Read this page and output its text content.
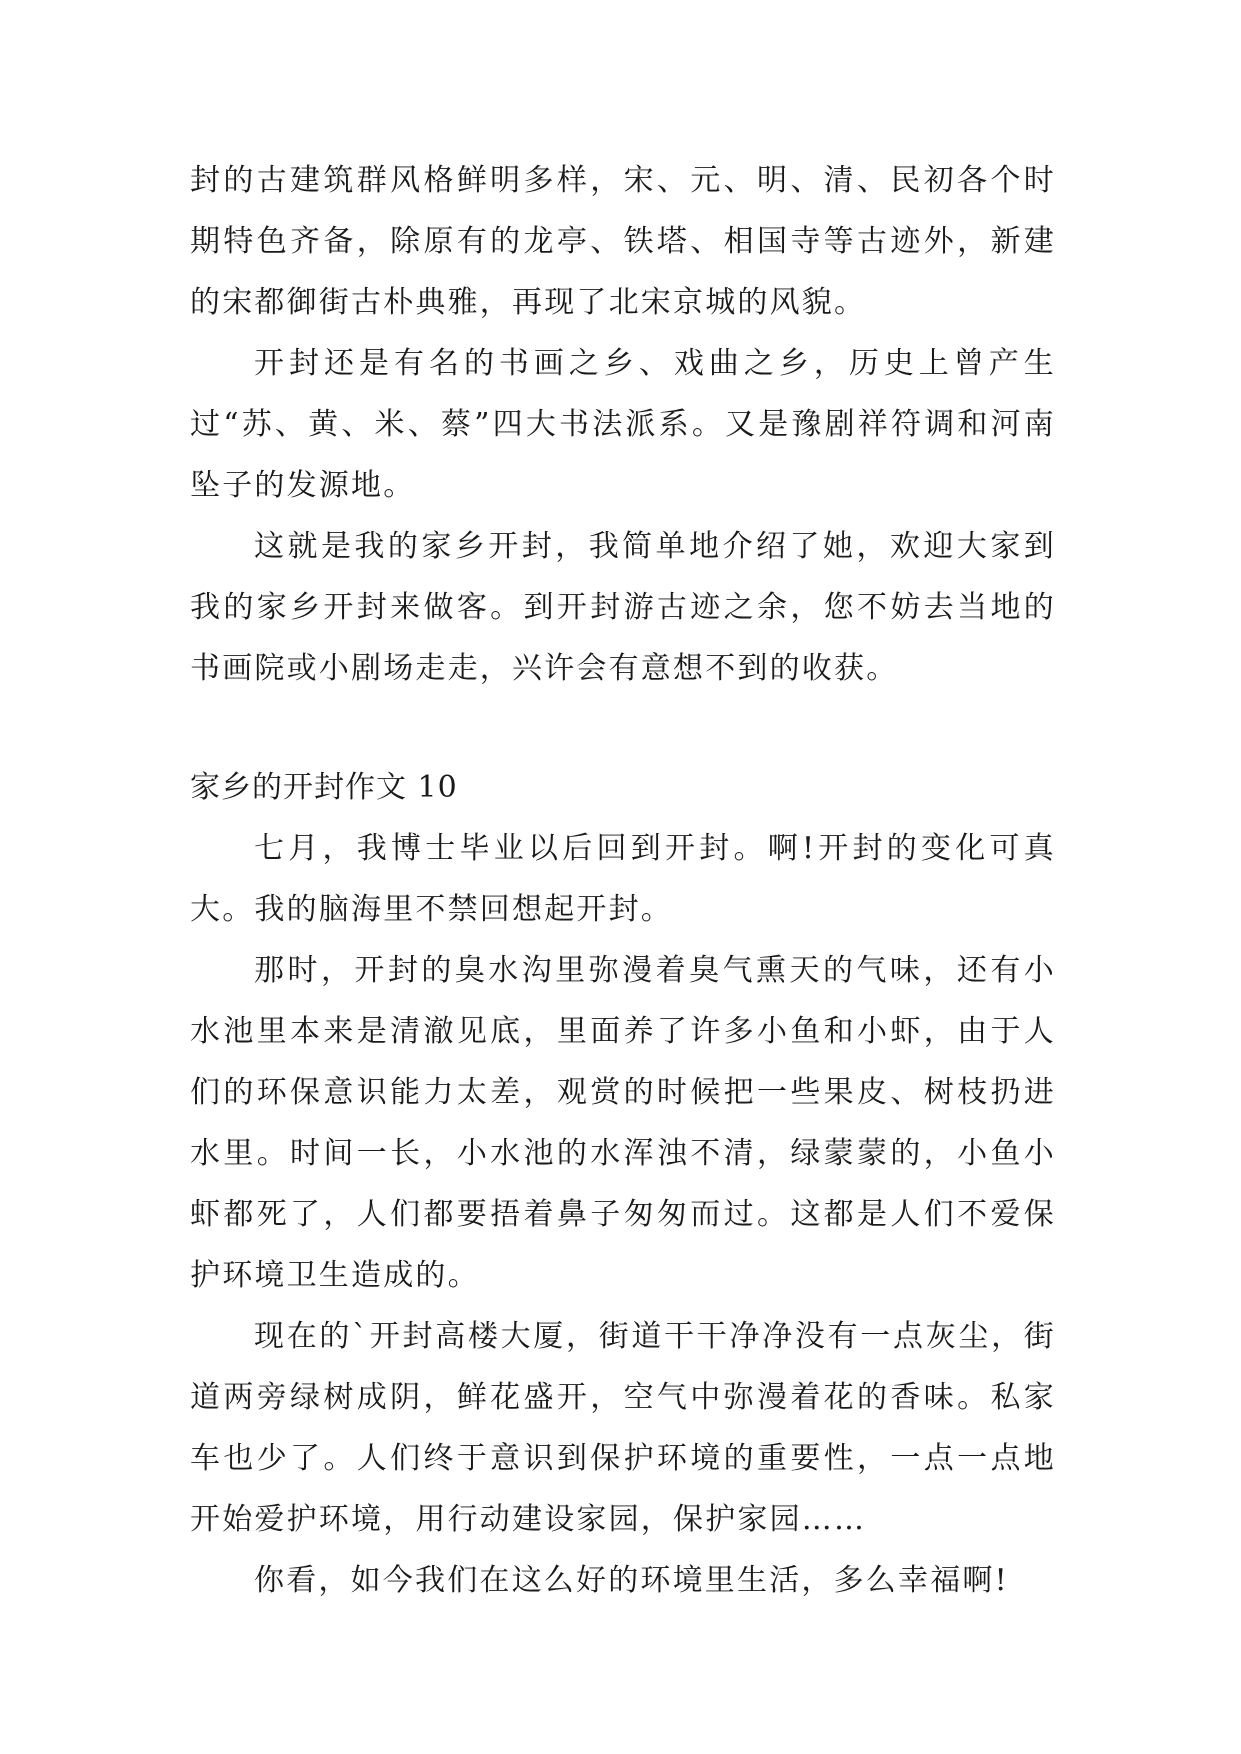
封的古建筑群风格鲜明多样，宋、元、明、清、民初各个时期特色齐备，除原有的龙亭、铁塔、相国寺等古迹外，新建的宋都御街古朴典雅，再现了北宋京城的风貌。

开封还是有名的书画之乡、戏曲之乡，历史上曾产生过“苏、黄、米、蔡”四大书法派系。又是豫剧祥符调和河南坠子的发源地。

这就是我的家乡开封，我简单地介绍了她，欢迎大家到我的家乡开封来做客。到开封游古迹之余，您不妨去当地的书画院或小剧场走走，兴许会有意想不到的收获。

家乡的开封作文 10

七月，我博士毕业以后回到开封。啊!开封的变化可真大。我的脑海里不禁回想起开封。

那时，开封的臭水沟里弥漫着臭气熏天的气味，还有小水池里本来是清澈见底，里面养了许多小鱼和小虾，由于人们的环保意识能力太差，观赏的时候把一些果皮、树枝扔进水里。时间一长，小水池的水浑浊不清，绿蒙蒙的，小鱼小虾都死了，人们都要捂着鼻子匆匆而过。这都是人们不爱保护环境卫生造成的。

现在的`开封高楼大厦，街道干干净净没有一点灰尘，街道两旁绿树成阴，鲜花盛开，空气中弥漫着花的香味。私家车也少了。人们终于意识到保护环境的重要性，一点一点地开始爱护环境，用行动建设家园，保护家园……

你看，如今我们在这么好的环境里生活，多么幸福啊!
